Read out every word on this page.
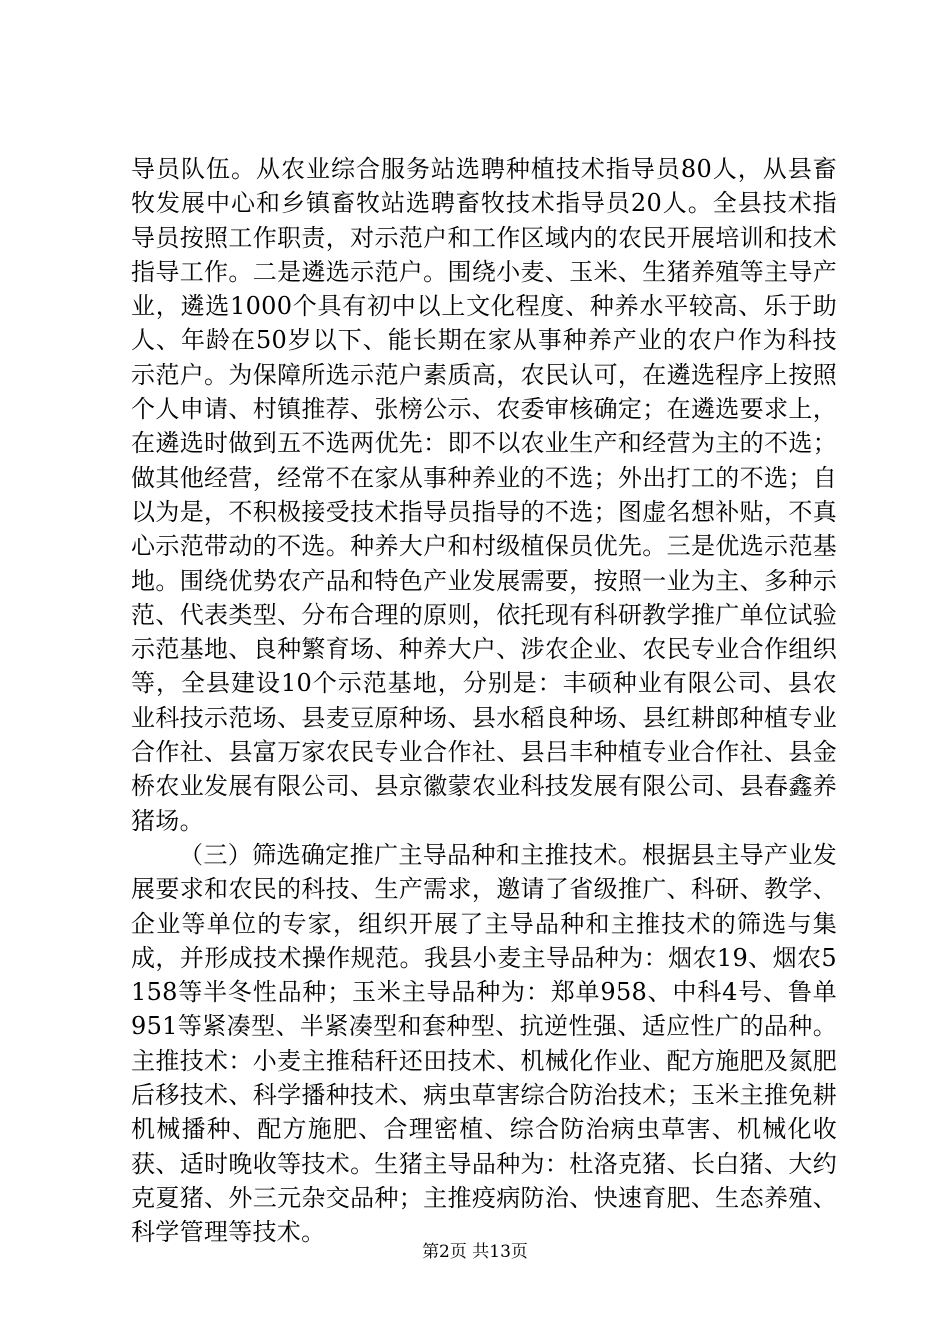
导员队伍。从农业综合服务站选聘种植技术指导员80人，从县畜牧发展中心和乡镇畜牧站选聘畜牧技术指导员20人。全县技术指导员按照工作职责，对示范户和工作区域内的农民开展培训和技术指导工作。二是遴选示范户。围绕小麦、玉米、生猪养殖等主导产业，遴选1000个具有初中以上文化程度、种养水平较高、乐于助人、年龄在50岁以下、能长期在家从事种养产业的农户作为科技示范户。为保障所选示范户素质高，农民认可，在遴选程序上按照个人申请、村镇推荐、张榜公示、农委审核确定；在遴选要求上，在遴选时做到五不选两优先：即不以农业生产和经营为主的不选；做其他经营，经常不在家从事种养业的不选；外出打工的不选；自以为是，不积极接受技术指导员指导的不选；图虚名想补贴，不真心示范带动的不选。种养大户和村级植保员优先。三是优选示范基地。围绕优势农产品和特色产业发展需要，按照一业为主、多种示范、代表类型、分布合理的原则，依托现有科研教学推广单位试验示范基地、良种繁育场、种养大户、涉农企业、农民专业合作组织等，全县建设10个示范基地，分别是：丰硕种业有限公司、县农业科技示范场、县麦豆原种场、县水稻良种场、县红耕郎种植专业合作社、县富万家农民专业合作社、县吕丰种植专业合作社、县金桥农业发展有限公司、县京徽蒙农业科技发展有限公司、县春鑫养猪场。

（三）筛选确定推广主导品种和主推技术。根据县主导产业发展要求和农民的科技、生产需求，邀请了省级推广、科研、教学、企业等单位的专家，组织开展了主导品种和主推技术的筛选与集成，并形成技术操作规范。我县小麦主导品种为：烟农19、烟农5158等半冬性品种；玉米主导品种为：郑单958、中科4号、鲁单951等紧凑型、半紧凑型和套种型、抗逆性强、适应性广的品种。主推技术：小麦主推秸秆还田技术、机械化作业、配方施肥及氮肥后移技术、科学播种技术、病虫草害综合防治技术；玉米主推免耕机械播种、配方施肥、合理密植、综合防治病虫草害、机械化收获、适时晚收等技术。生猪主导品种为：杜洛克猪、长白猪、大约克夏猪、外三元杂交品种；主推疫病防治、快速育肥、生态养殖、科学管理等技术。

第2页 共13页
